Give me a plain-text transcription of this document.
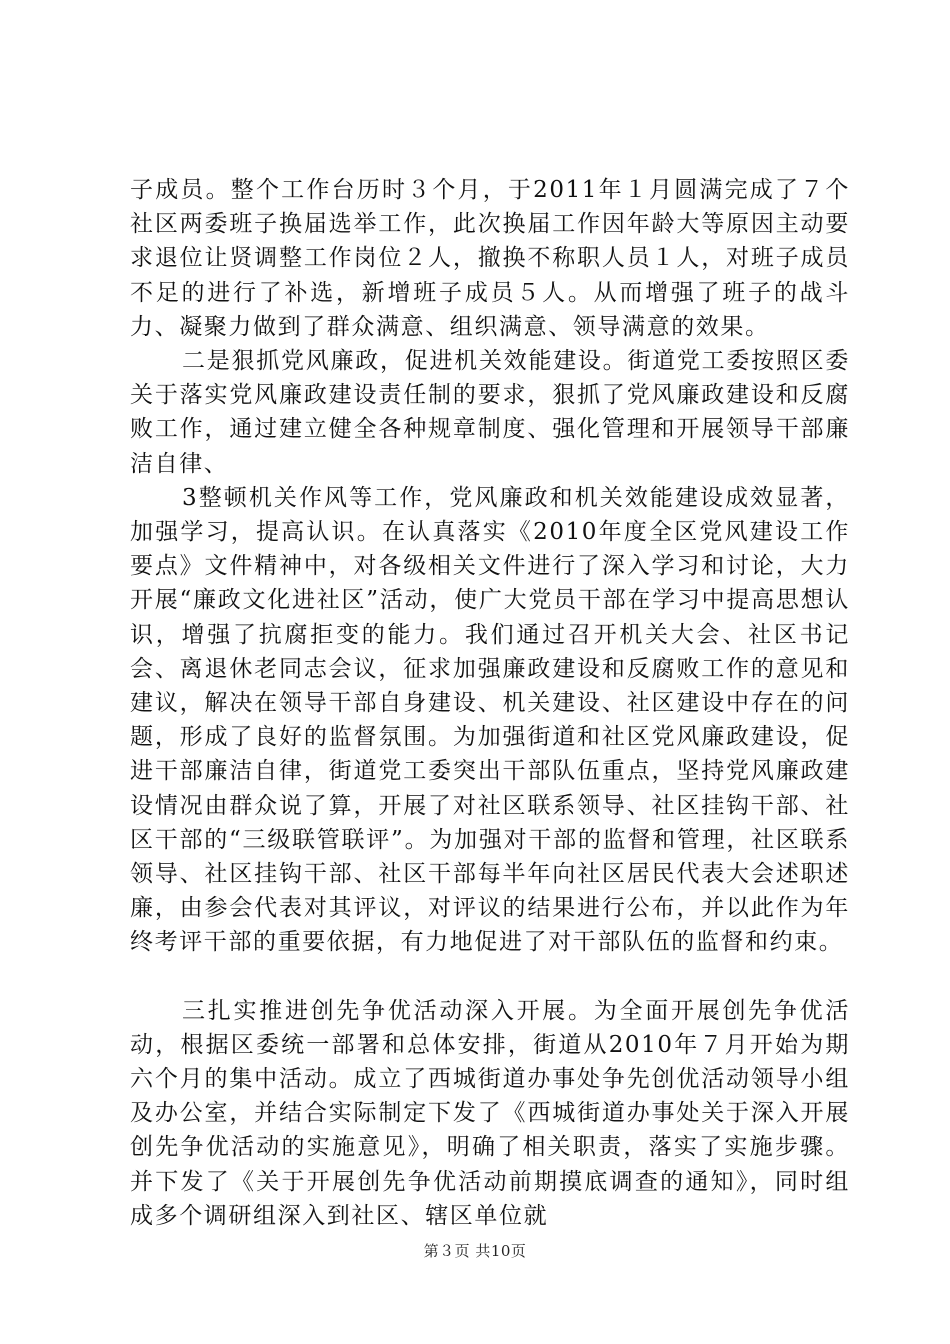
子成员。整个工作台历时３个月，于2011年１月圆满完成了７个社区两委班子换届选举工作，此次换届工作因年龄大等原因主动要求退位让贤调整工作岗位２人，撤换不称职人员１人，对班子成员不足的进行了补选，新增班子成员５人。从而增强了班子的战斗力、凝聚力做到了群众满意、组织满意、领导满意的效果。

二是狠抓党风廉政，促进机关效能建设。街道党工委按照区委关于落实党风廉政建设责任制的要求，狠抓了党风廉政建设和反腐败工作，通过建立健全各种规章制度、强化管理和开展领导干部廉洁自律、

3整顿机关作风等工作，党风廉政和机关效能建设成效显著，加强学习，提高认识。在认真落实《2010年度全区党风建设工作要点》文件精神中，对各级相关文件进行了深入学习和讨论，大力开展“廉政文化进社区”活动，使广大党员干部在学习中提高思想认识，增强了抗腐拒变的能力。我们通过召开机关大会、社区书记会、离退休老同志会议，征求加强廉政建设和反腐败工作的意见和建议，解决在领导干部自身建设、机关建设、社区建设中存在的问题，形成了良好的监督氛围。为加强街道和社区党风廉政建设，促进干部廉洁自律，街道党工委突出干部队伍重点，坚持党风廉政建设情况由群众说了算，开展了对社区联系领导、社区挂钩干部、社区干部的“三级联管联评”。为加强对干部的监督和管理，社区联系领导、社区挂钩干部、社区干部每半年向社区居民代表大会述职述廉，由参会代表对其评议，对评议的结果进行公布，并以此作为年终考评干部的重要依据，有力地促进了对干部队伍的监督和约束。

三扎实推进创先争优活动深入开展。为全面开展创先争优活动，根据区委统一部署和总体安排，街道从2010年７月开始为期六个月的集中活动。成立了西城街道办事处争先创优活动领导小组及办公室，并结合实际制定下发了《西城街道办事处关于深入开展创先争优活动的实施意见》，明确了相关职责，落实了实施步骤。并下发了《关于开展创先争优活动前期摸底调查的通知》，同时组成多个调研组深入到社区、辖区单位就

第３页 共10页
